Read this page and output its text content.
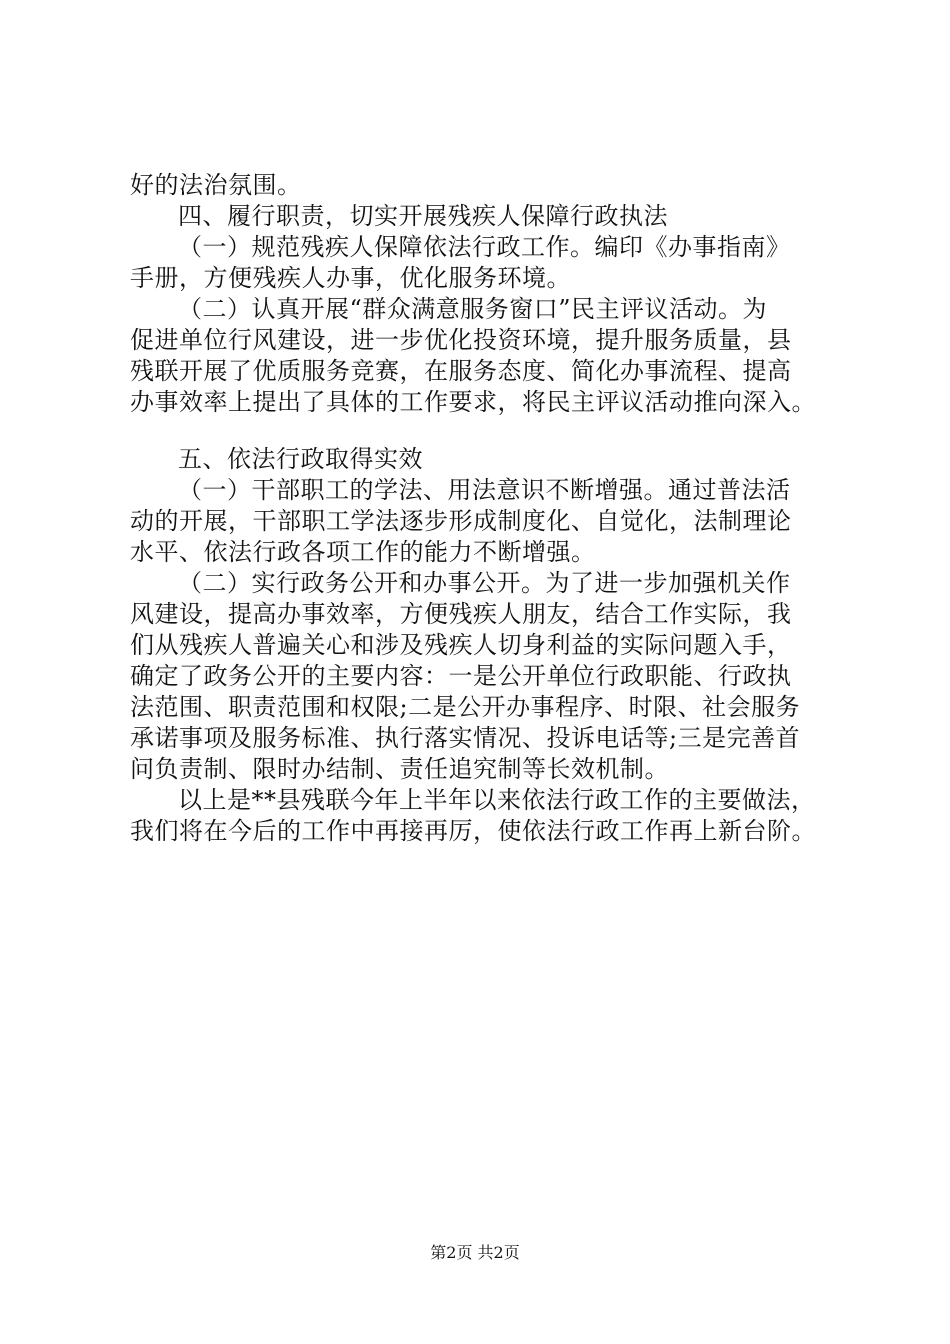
好的法治氛围。
四、履行职责，切实开展残疾人保障行政执法
（一）规范残疾人保障依法行政工作。编印《办事指南》
手册，方便残疾人办事，优化服务环境。
（二）认真开展“群众满意服务窗口”民主评议活动。为
促进单位行风建设，进一步优化投资环境，提升服务质量，县
残联开展了优质服务竞赛，在服务态度、简化办事流程、提高
办事效率上提出了具体的工作要求，将民主评议活动推向深入。
五、依法行政取得实效
（一）干部职工的学法、用法意识不断增强。通过普法活
动的开展，干部职工学法逐步形成制度化、自觉化，法制理论
水平、依法行政各项工作的能力不断增强。
（二）实行政务公开和办事公开。为了进一步加强机关作
风建设，提高办事效率，方便残疾人朋友，结合工作实际，我
们从残疾人普遍关心和涉及残疾人切身利益的实际问题入手，
确定了政务公开的主要内容：一是公开单位行政职能、行政执
法范围、职责范围和权限;二是公开办事程序、时限、社会服务
承诺事项及服务标准、执行落实情况、投诉电话等;三是完善首
问负责制、限时办结制、责任追究制等长效机制。
以上是**县残联今年上半年以来依法行政工作的主要做法，
我们将在今后的工作中再接再厉，使依法行政工作再上新台阶。
第2页 共2页
